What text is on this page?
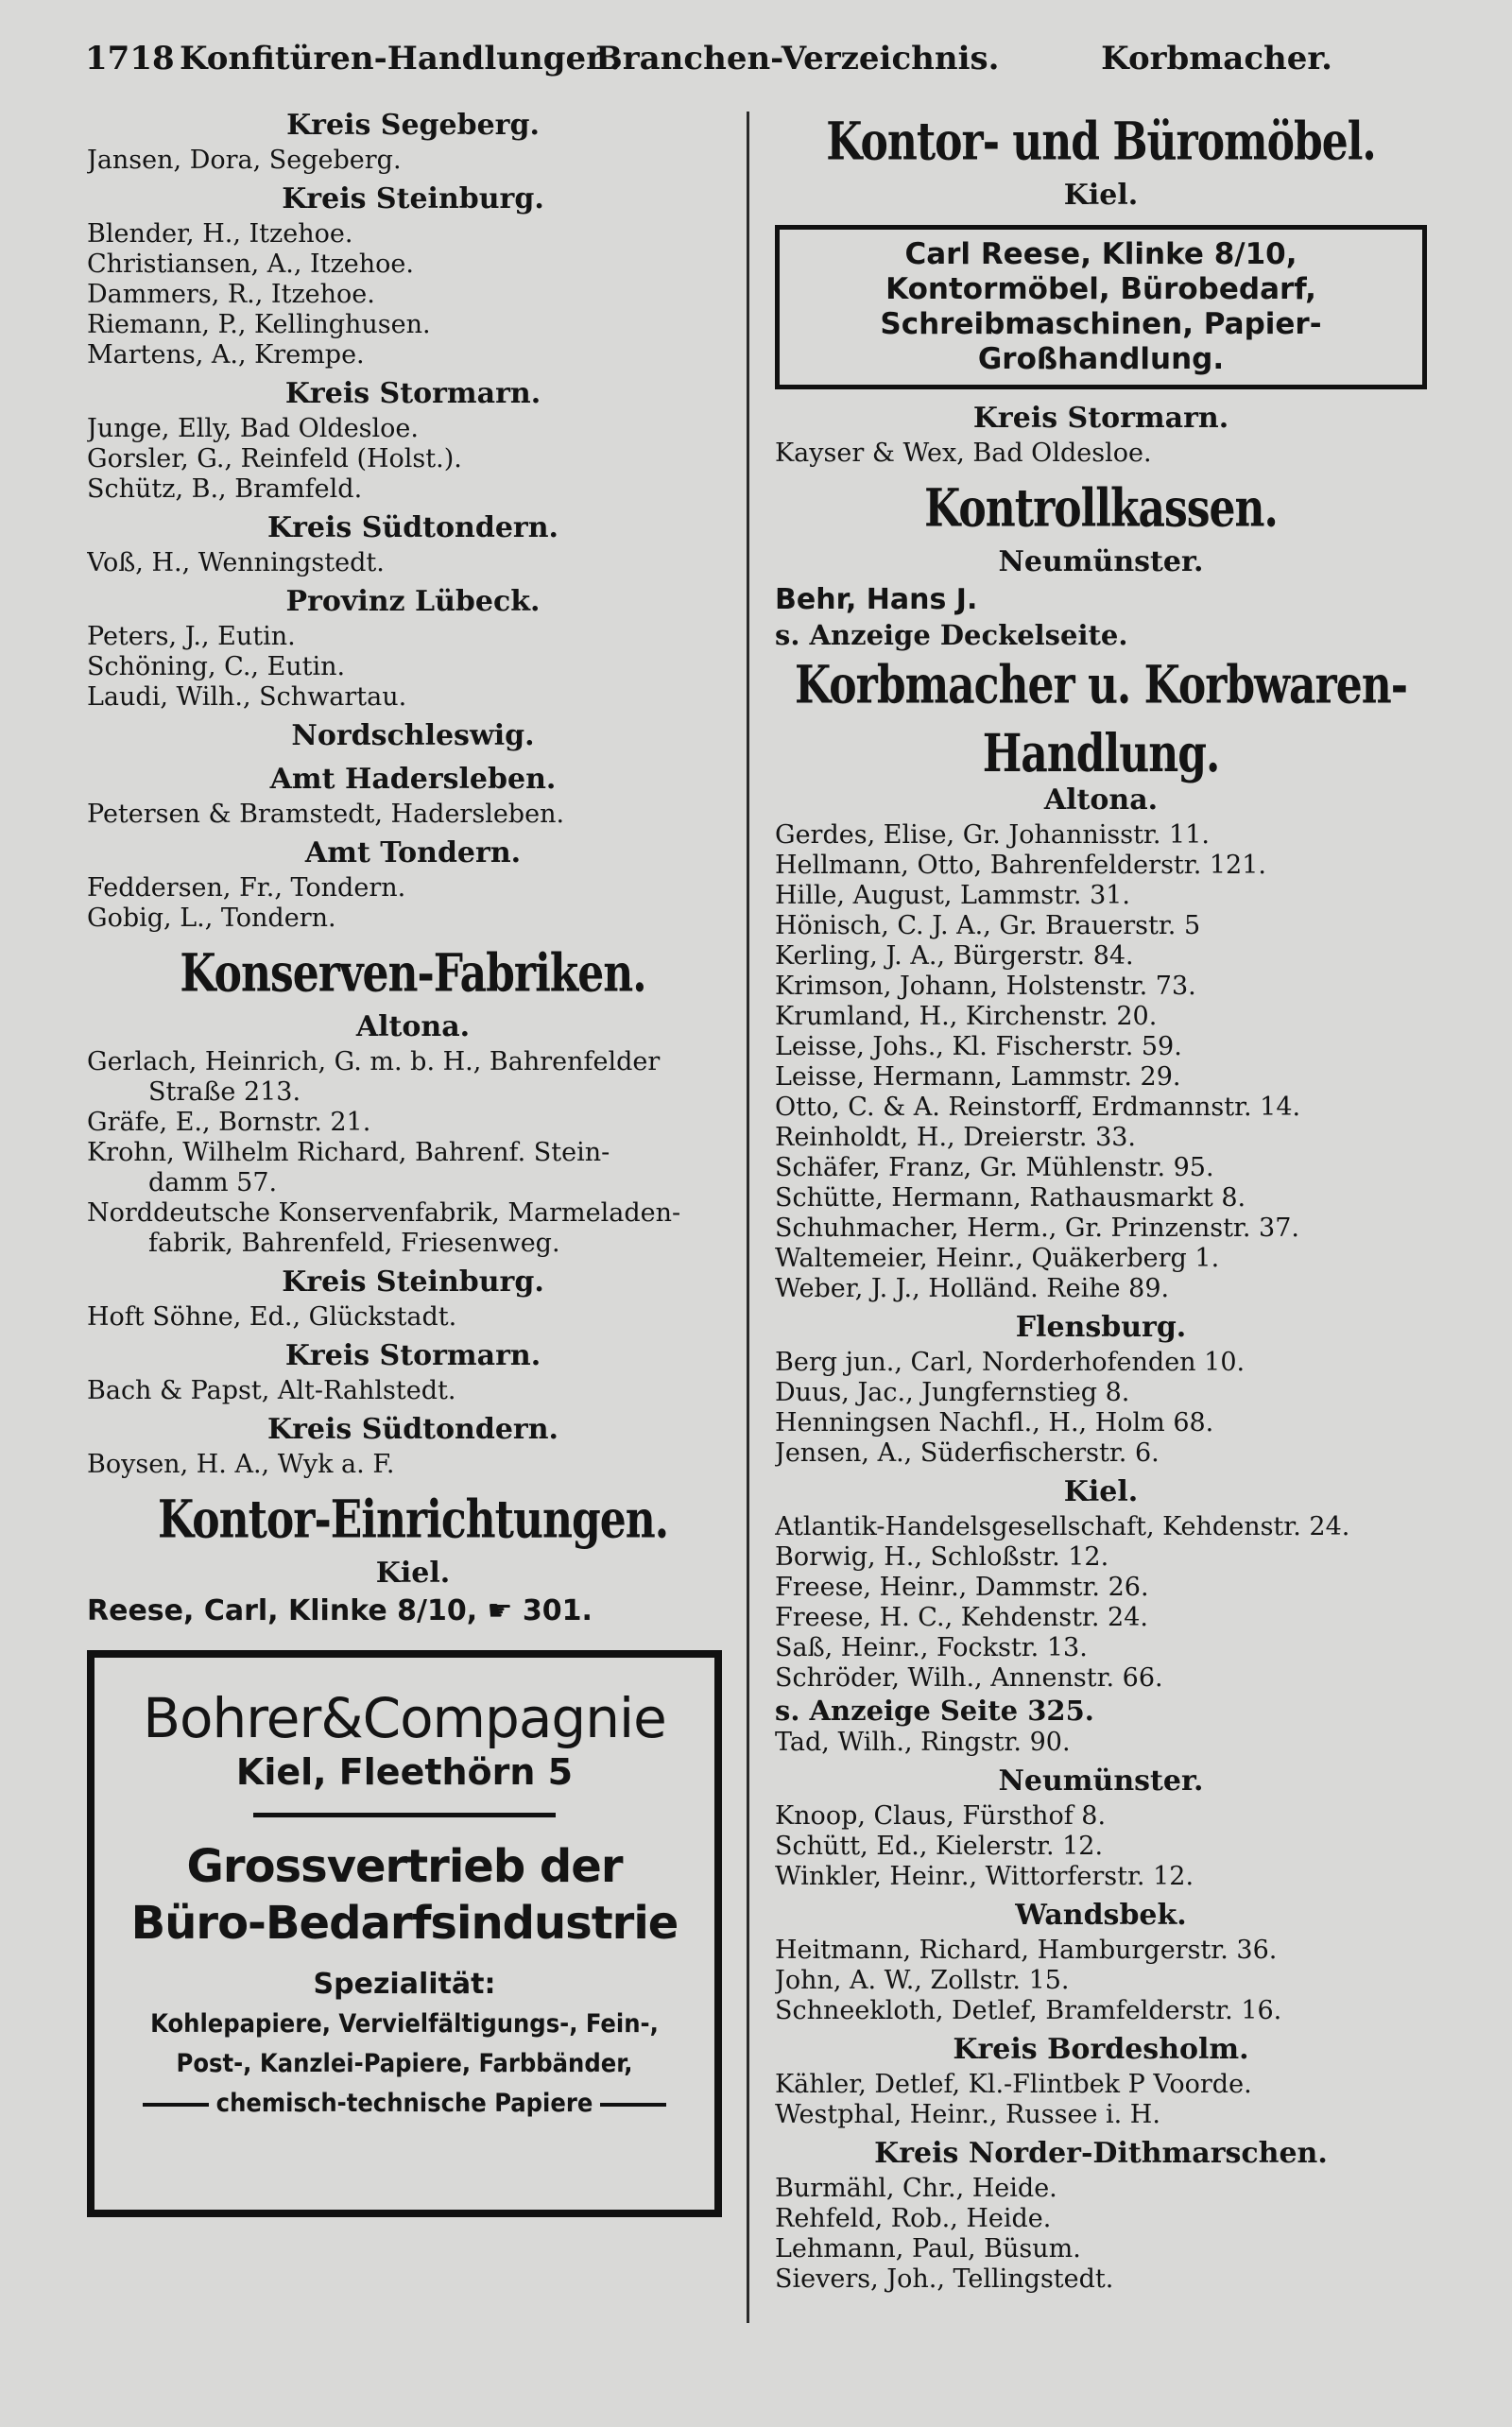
1718 Konfitüren-Handlungen.
Branchen-Verzeichnis.	Korbmacher.
Kreis Segeberg.
Jansen, Dora, Segeberg.
Kreis Steinburg.
Blender, H., Itzehoe.
Christiansen, A., Itzehoe.
Dammers, R., Itzehoe.
Riemann, P., Kellinghusen.
Martens, A., Krempe.
Kreis Stormarn.
Junge, Elly, Bad Oldesloe.
Gorsler, G., Reinfeld (Holst.).
Schütz, B., Bramfeld.
Kreis Südtondern.
Voß, H., Wenningstedt.
Provinz Lübeck.
Peters, J., Eutin.
Schöning, C., Eutin.
Laudi, Wilh., Schwartau.
Nordschleswig.
Amt Hadersleben.
Petersen & Bramstedt, Hadersleben.
Amt Tondern.
Feddersen, Fr., Tondern.
Gobig, L., Tondern.
Konserven-Fabriken.
Altona.
Gerlach, Heinrich, G. m. b. H., Bahrenfelder
Straße 213.
Gräfe, E., Bornstr. 21.
Krohn, Wilhelm Richard, Bahrenf. Stein-
damm 57.
Norddeutsche Konservenfabrik, Marmeladen-
fabrik, Bahrenfeld, Friesenweg.
Kreis Steinburg.
Hoft Söhne, Ed., Glückstadt.
Kreis Stormarn.
Bach & Papst, Alt-Rahlstedt.
Kreis Südtondern.
Boysen, H. A., Wyk a. F.
Kontor-Einrichtungen.
Kiel.
Reese, Carl, Klinke 8/10, ☛ 301.
Bohrer&Compagnie
Kiel, Fleethörn 5
Grossvertrieb der
Büro-Bedarfsindustrie
Spezialität:
Kohlepapiere, Vervielfältigungs-, Fein-,
Post-, Kanzlei-Papiere, Farbbänder,
chemisch-technische Papiere
Kontor- und Büromöbel.
Kiel.
Carl Reese, Klinke 8/10,
Kontormöbel, Bürobedarf,
Schreibmaschinen, Papier-
Großhandlung.
Kreis Stormarn.
Kayser & Wex, Bad Oldesloe.
Kontrollkassen.
Neumünster.
Behr, Hans J.
s. Anzeige Deckelseite.
Korbmacher u. Korbwaren-Handlung.
Altona.
Gerdes, Elise, Gr. Johannisstr. 11.
Hellmann, Otto, Bahrenfelderstr. 121.
Hille, August, Lammstr. 31.
Hönisch, C. J. A., Gr. Brauerstr. 5
Kerling, J. A., Bürgerstr. 84.
Krimson, Johann, Holstenstr. 73.
Krumland, H., Kirchenstr. 20.
Leisse, Johs., Kl. Fischerstr. 59.
Leisse, Hermann, Lammstr. 29.
Otto, C. & A. Reinstorff, Erdmannstr. 14.
Reinholdt, H., Dreierstr. 33.
Schäfer, Franz, Gr. Mühlenstr. 95.
Schütte, Hermann, Rathausmarkt 8.
Schuhmacher, Herm., Gr. Prinzenstr. 37.
Waltemeier, Heinr., Quäkerberg 1.
Weber, J. J., Holländ. Reihe 89.
Flensburg.
Berg jun., Carl, Norderhofenden 10.
Duus, Jac., Jungfernstieg 8.
Henningsen Nachfl., H., Holm 68.
Jensen, A., Süderfischerstr. 6.
Kiel.
Atlantik-Handelsgesellschaft, Kehdenstr. 24.
Borwig, H., Schloßstr. 12.
Freese, Heinr., Dammstr. 26.
Freese, H. C., Kehdenstr. 24.
Saß, Heinr., Fockstr. 13.
Schröder, Wilh., Annenstr. 66.
s. Anzeige Seite 325.
Tad, Wilh., Ringstr. 90.
Neumünster.
Knoop, Claus, Fürsthof 8.
Schütt, Ed., Kielerstr. 12.
Winkler, Heinr., Wittorferstr. 12.
Wandsbek.
Heitmann, Richard, Hamburgerstr. 36.
John, A. W., Zollstr. 15.
Schneekloth, Detlef, Bramfelderstr. 16.
Kreis Bordesholm.
Kähler, Detlef, Kl.-Flintbek P Voorde.
Westphal, Heinr., Russee i. H.
Kreis Norder-Dithmarschen.
Burmähl, Chr., Heide.
Rehfeld, Rob., Heide.
Lehmann, Paul, Büsum.
Sievers, Joh., Tellingstedt.
